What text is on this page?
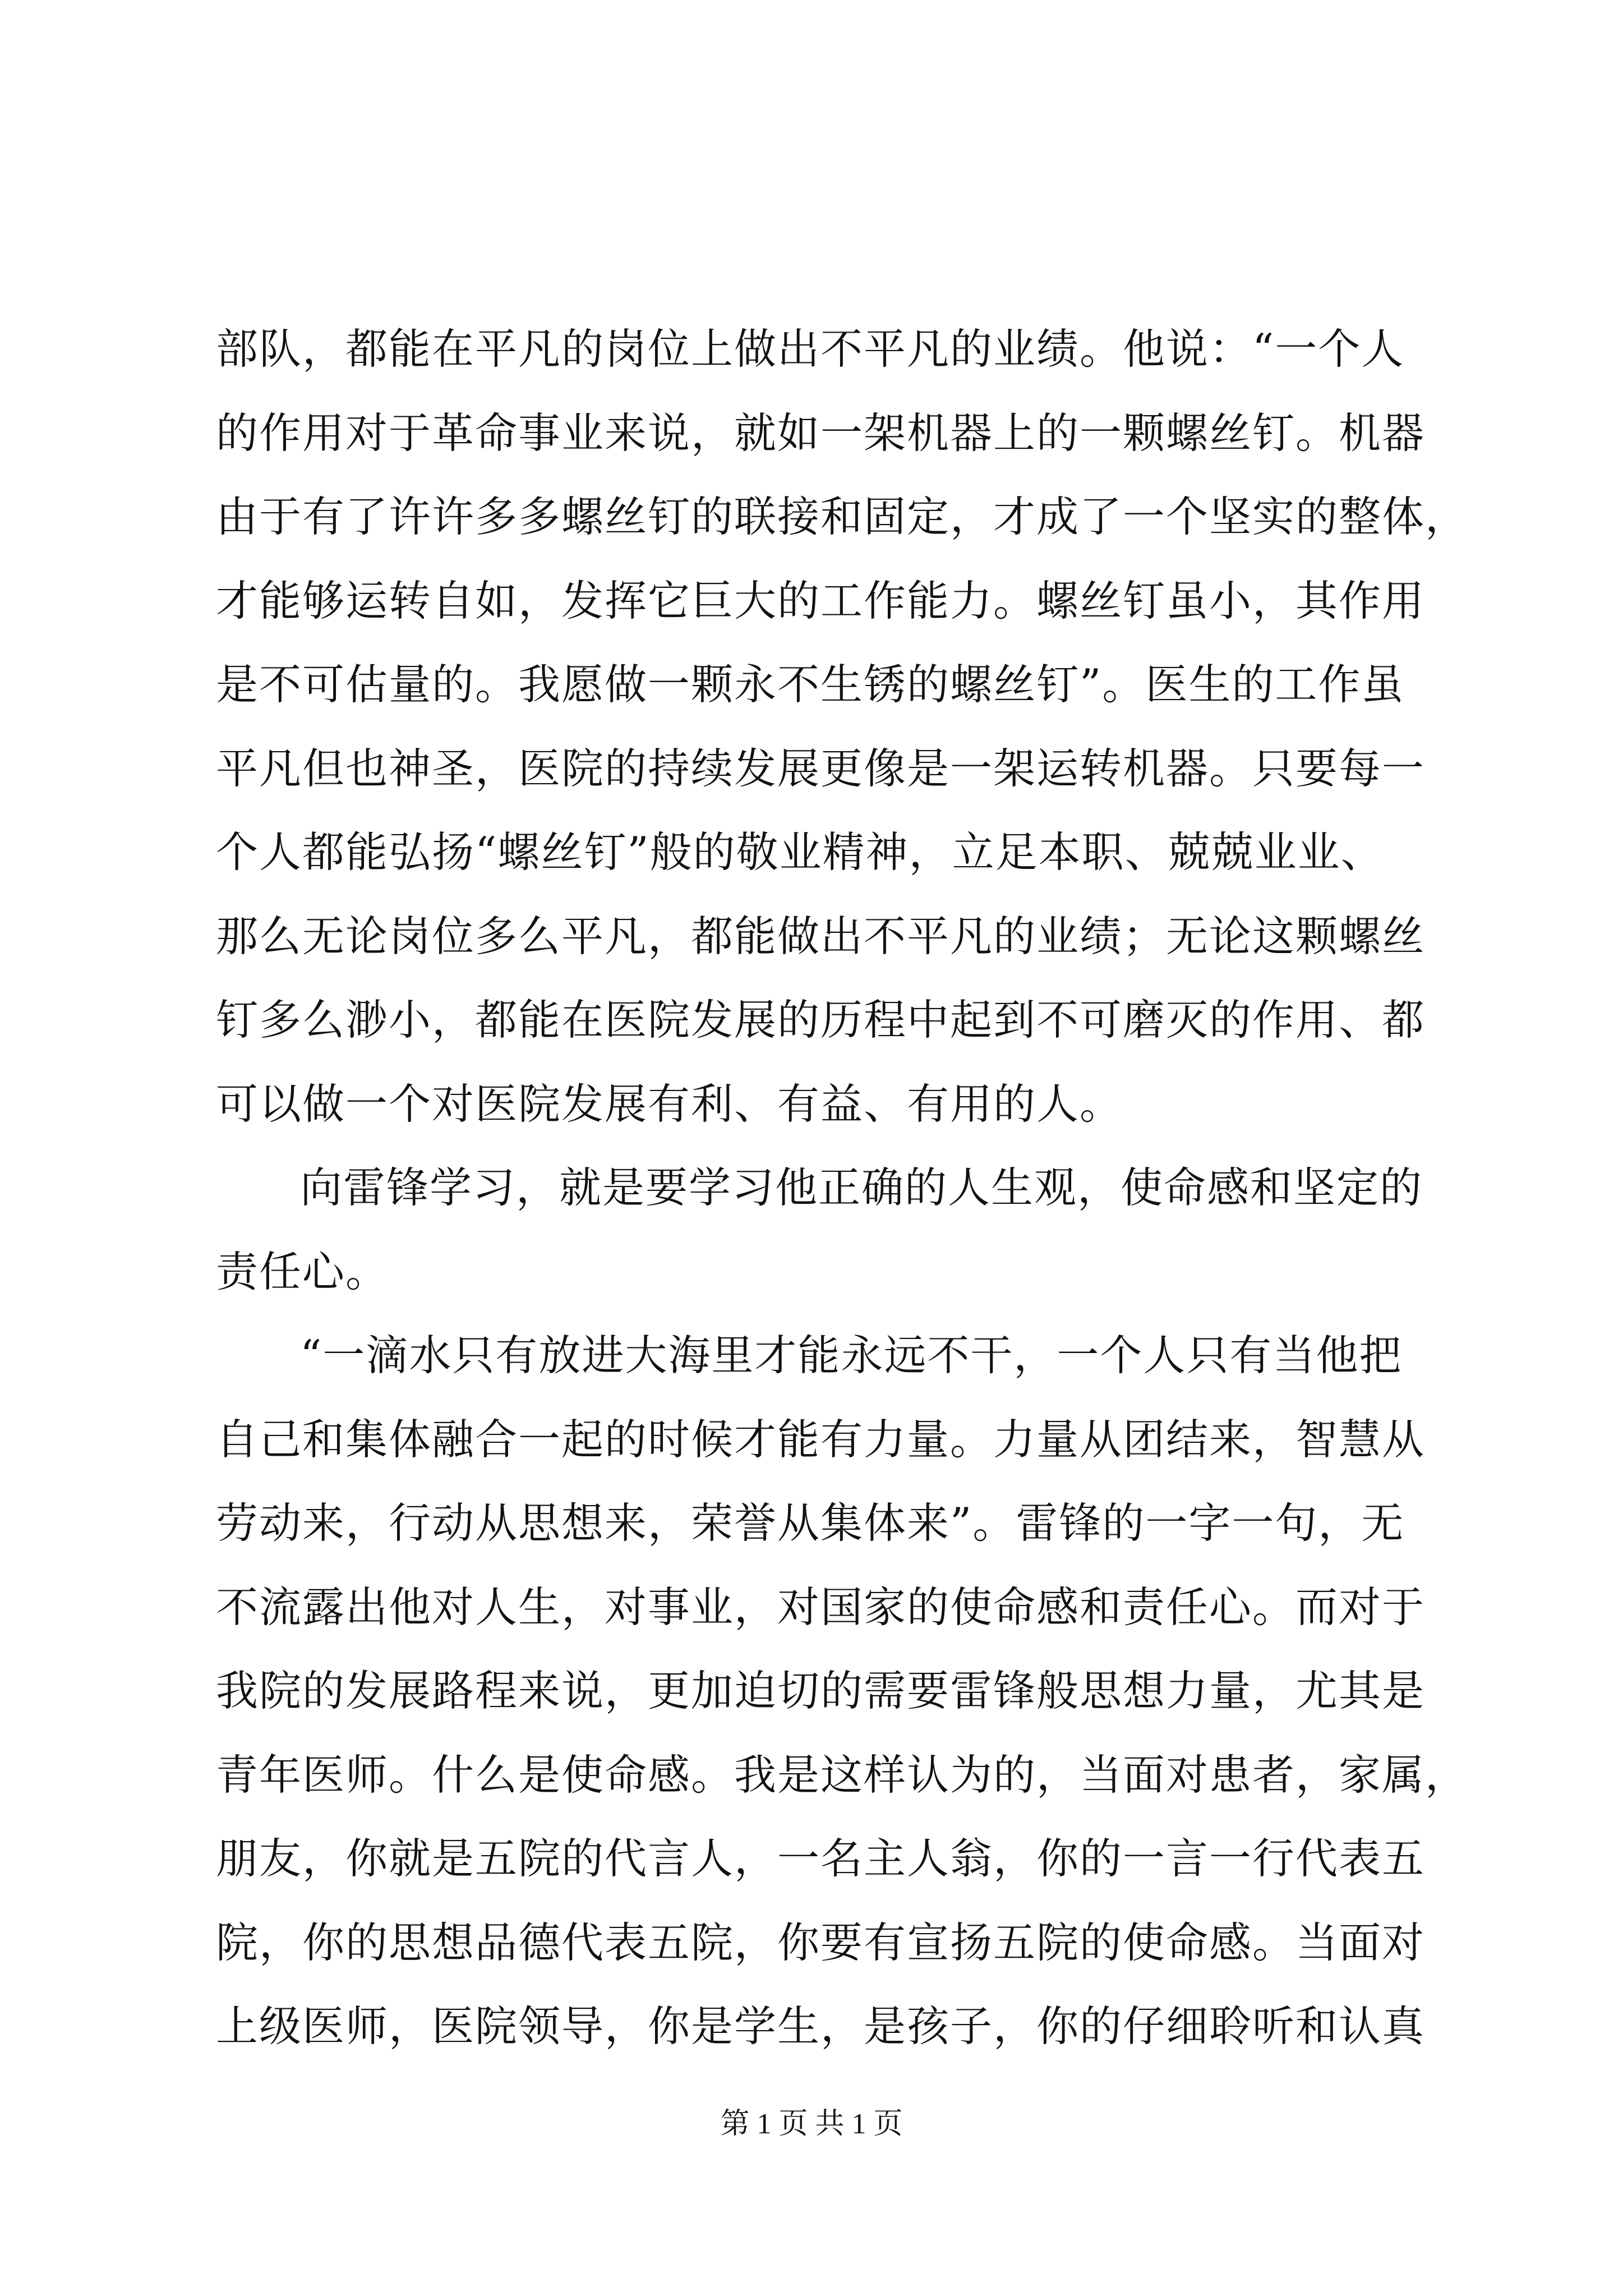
部队，都能在平凡的岗位上做出不平凡的业绩。他说：“一个人
的作用对于革命事业来说，就如一架机器上的一颗螺丝钉。机器
由于有了许许多多螺丝钉的联接和固定，才成了一个坚实的整体，
才能够运转自如，发挥它巨大的工作能力。螺丝钉虽小，其作用
是不可估量的。我愿做一颗永不生锈的螺丝钉”。医生的工作虽
平凡但也神圣，医院的持续发展更像是一架运转机器。只要每一
个人都能弘扬“螺丝钉”般的敬业精神，立足本职、兢兢业业、
那么无论岗位多么平凡，都能做出不平凡的业绩；无论这颗螺丝
钉多么渺小，都能在医院发展的历程中起到不可磨灭的作用、都
可以做一个对医院发展有利、有益、有用的人。
向雷锋学习，就是要学习他正确的人生观，使命感和坚定的
责任心。
“一滴水只有放进大海里才能永远不干，一个人只有当他把
自己和集体融合一起的时候才能有力量。力量从团结来，智慧从
劳动来，行动从思想来，荣誉从集体来”。雷锋的一字一句，无
不流露出他对人生，对事业，对国家的使命感和责任心。而对于
我院的发展路程来说，更加迫切的需要雷锋般思想力量，尤其是
青年医师。什么是使命感。我是这样认为的，当面对患者，家属，
朋友，你就是五院的代言人，一名主人翁，你的一言一行代表五
院，你的思想品德代表五院，你要有宣扬五院的使命感。当面对
上级医师，医院领导，你是学生，是孩子，你的仔细聆听和认真
第 1 页 共 1 页
